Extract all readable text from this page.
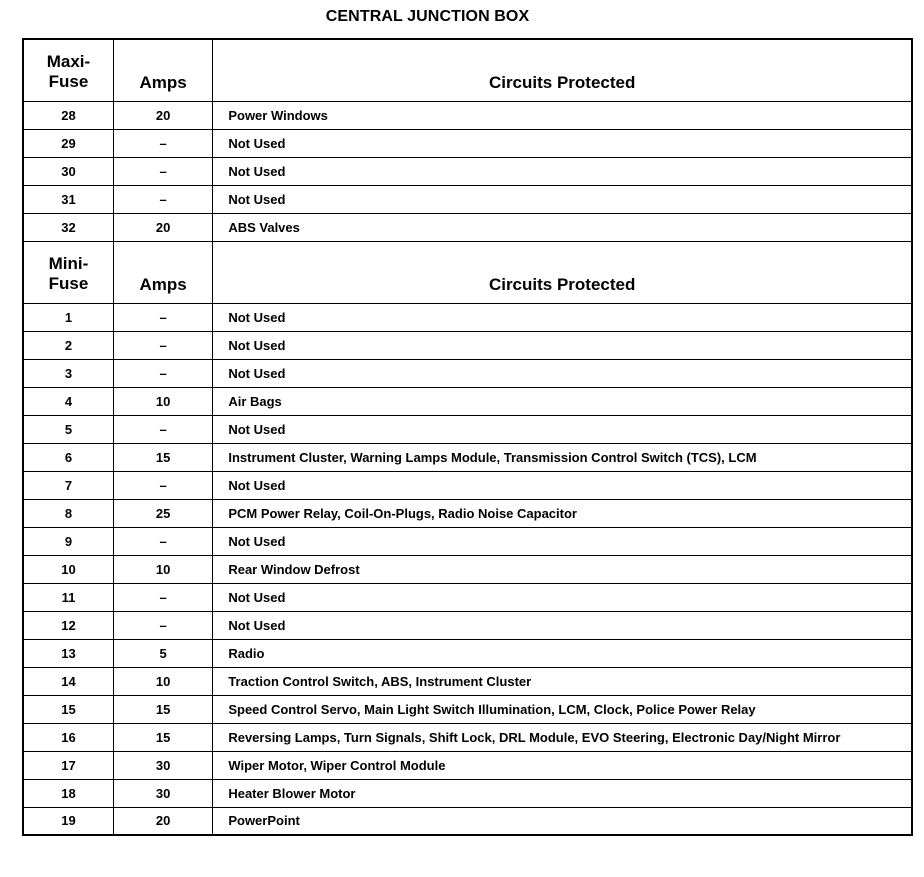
CENTRAL JUNCTION BOX
Maxi-
Fuse	Amps	Circuits Protected
28	20	Power Windows
29	–	Not Used
30	–	Not Used
31	–	Not Used
32	20	ABS Valves

Mini-
Fuse	Amps	Circuits Protected
1	–	Not Used
2	–	Not Used
3	–	Not Used
4	10	Air Bags
5	–	Not Used
6	15	Instrument Cluster, Warning Lamps Module, Transmission Control Switch (TCS), LCM
7	–	Not Used
8	25	PCM Power Relay, Coil-On-Plugs, Radio Noise Capacitor
9	–	Not Used
10	10	Rear Window Defrost
11	–	Not Used
12	–	Not Used
13	5	Radio
14	10	Traction Control Switch, ABS, Instrument Cluster
15	15	Speed Control Servo, Main Light Switch Illumination, LCM, Clock, Police Power Relay
16	15	Reversing Lamps, Turn Signals, Shift Lock, DRL Module, EVO Steering, Electronic Day/Night Mirror
17	30	Wiper Motor, Wiper Control Module
18	30	Heater Blower Motor
19	20	PowerPoint
